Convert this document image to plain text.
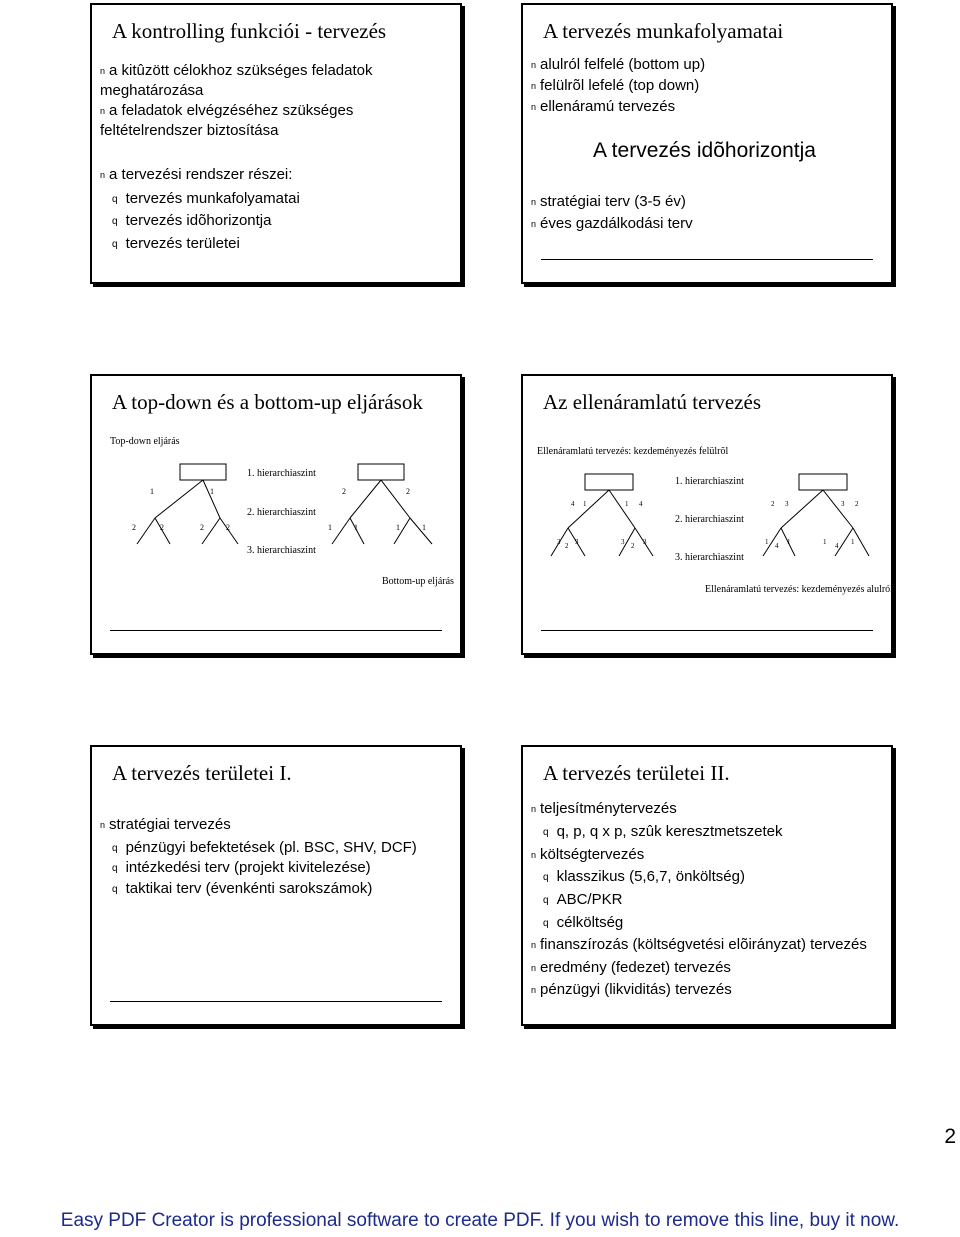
A kontrolling funkciói - tervezés
n a kitûzött célokhoz szükséges feladatok
meghatározása
n a feladatok elvégzéséhez szükséges
feltételrendszer biztosítása
n a tervezési rendszer részei:
q tervezés munkafolyamatai
q tervezés idõhorizontja
q tervezés területei
A tervezés munkafolyamatai
n alulról felfelé (bottom up)
n felülrõl lefelé (top down)
n ellenáramú tervezés
A tervezés idõhorizontja
n stratégiai terv (3-5 év)
n éves gazdálkodási terv
A top-down és a bottom-up eljárások
Top-down eljárás
1	1
2	2	2	2
2	2
1	1	1	1
1. hierarchiaszint
2. hierarchiaszint
3. hierarchiaszint
Bottom-up eljárás
Az ellenáramlatú tervezés
Ellenáramlatú tervezés: kezdeményezés felülrõl
4 1	1 4	2 3	3 2
3 2 3	3 2 3	1 4 1	1 4 1
1. hierarchiaszint
2. hierarchiaszint
3. hierarchiaszint
Ellenáramlatú tervezés: kezdeményezés alulról
A tervezés területei I.
n stratégiai tervezés
q pénzügyi befektetések (pl. BSC, SHV, DCF)
q intézkedési terv (projekt kivitelezése)
q taktikai terv (évenkénti sarokszámok)
A tervezés területei II.
n teljesítménytervezés
q q, p, q x p, szûk keresztmetszetek
n költségtervezés
q klasszikus (5,6,7, önköltség)
q ABC/PKR
q célköltség
n finanszírozás (költségvetési elõirányzat) tervezés
n eredmény (fedezet) tervezés
n pénzügyi (likviditás) tervezés
2
Easy PDF Creator is professional software to create PDF. If you wish to remove this line, buy it now.
